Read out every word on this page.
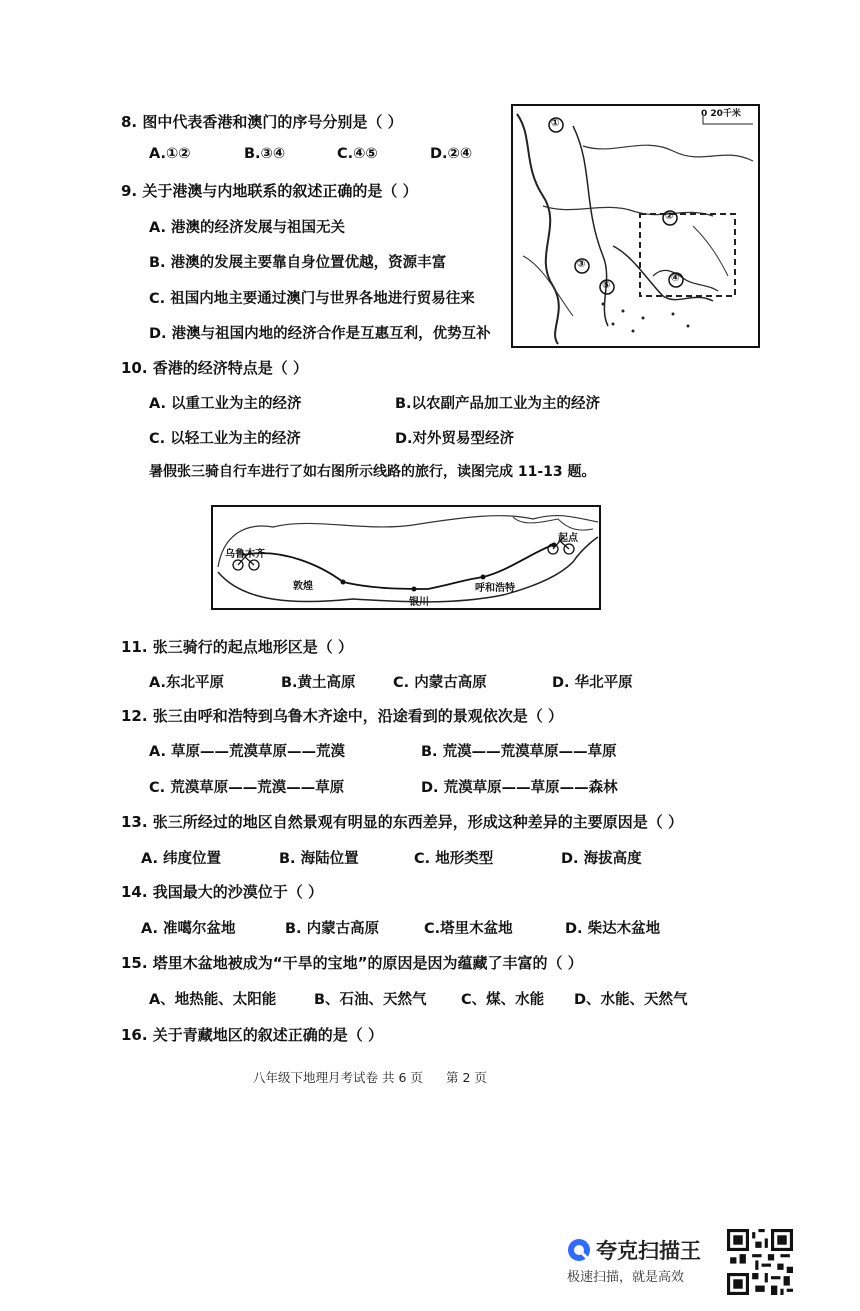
8. 图中代表香港和澳门的序号分别是（ ）
A.①②	B.③④	C.④⑤	D.②④
9. 关于港澳与内地联系的叙述正确的是（ ）
A. 港澳的经济发展与祖国无关
B. 港澳的发展主要靠自身位置优越，资源丰富
C. 祖国内地主要通过澳门与世界各地进行贸易往来
D. 港澳与祖国内地的经济合作是互惠互利，优势互补
①
②
③
④
⑤
0 20千米
10. 香港的经济特点是（ ）
A. 以重工业为主的经济	B.以农副产品加工业为主的经济
C. 以轻工业为主的经济	D.对外贸易型经济
暑假张三骑自行车进行了如右图所示线路的旅行，读图完成 11-13 题。
起点
乌鲁木齐
敦煌
银川
呼和浩特
11. 张三骑行的起点地形区是（ ）
A.东北平原	B.黄土高原	C. 内蒙古高原	D. 华北平原
12. 张三由呼和浩特到乌鲁木齐途中，沿途看到的景观依次是（ ）
A. 草原——荒漠草原——荒漠	B. 荒漠——荒漠草原——草原
C. 荒漠草原——荒漠——草原	D. 荒漠草原——草原——森林
13. 张三所经过的地区自然景观有明显的东西差异，形成这种差异的主要原因是（ ）
A. 纬度位置	B. 海陆位置	C. 地形类型	D. 海拔高度
14. 我国最大的沙漠位于（ ）
A. 准噶尔盆地	B. 内蒙古高原	C.塔里木盆地	D. 柴达木盆地
15. 塔里木盆地被成为“干旱的宝地”的原因是因为蕴藏了丰富的（ ）
A、地热能、太阳能	B、石油、天然气 C、煤、水能 D、水能、天然气
16. 关于青藏地区的叙述正确的是（ ）
八年级下地理月考试卷 共 6 页 第 2 页
夸克扫描王
极速扫描，就是高效
